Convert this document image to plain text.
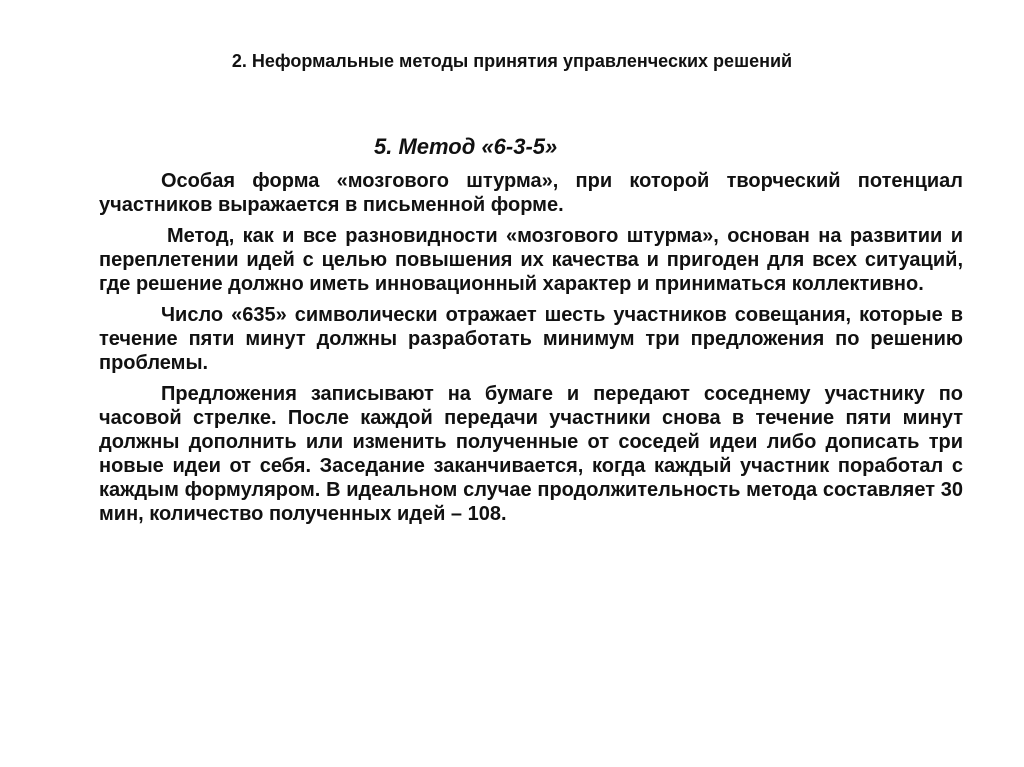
2. Неформальные методы принятия управленческих решений
5. Метод «6-3-5»

Особая форма «мозгового штурма», при которой творческий потенциал участников выражается в письменной форме.

Метод, как и все разновидности «мозгового штурма», основан на развитии и переплетении идей с целью повышения их качества и пригоден для всех ситуаций, где решение должно иметь инновационный характер и приниматься коллективно.

Число «635» символически отражает шесть участников совещания, которые в течение пяти минут должны разработать минимум три предложения по решению проблемы.

Предложения записывают на бумаге и передают соседнему участнику по часовой стрелке. После каждой передачи участники снова в течение пяти минут должны дополнить или изменить полученные от соседей идеи либо дописать три новые идеи от себя. Заседание заканчивается, когда каждый участник поработал с каждым формуляром. В идеальном случае продолжительность метода составляет 30 мин, количество полученных идей – 108.
